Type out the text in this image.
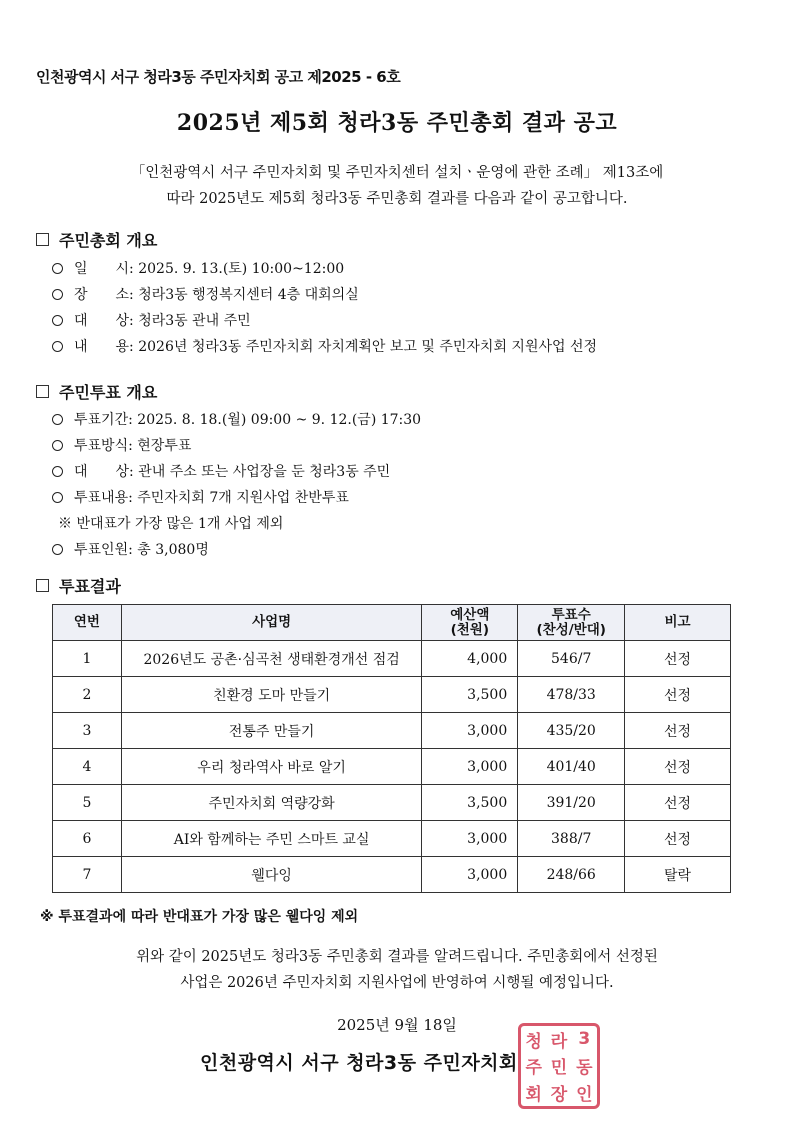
인천광역시 서구 청라3동 주민자치회 공고 제2025 - 6호
2025년 제5회 청라3동 주민총회 결과 공고
「인천광역시 서구 주민자치회 및 주민자치센터 설치ㆍ운영에 관한 조례」 제13조에
따라 2025년도 제5회 청라3동 주민총회 결과를 다음과 같이 공고합니다.
주민총회 개요
일　　시:
2025. 9. 13.(토) 10:00~12:00
장　　소:
청라3동 행정복지센터 4층 대회의실
대　　상:
청라3동 관내 주민
내　　용:
2026년 청라3동 주민자치회 자치계획안 보고 및 주민자치회 지원사업 선정
주민투표 개요
투표기간:
2025. 8. 18.(월) 09:00 ~ 9. 12.(금) 17:30
투표방식:
현장투표
대　　상:
관내 주소 또는 사업장을 둔 청라3동 주민
투표내용:
주민자치회 7개 지원사업 찬반투표
※ 반대표가 가장 많은 1개 사업 제외
투표인원:
총 3,080명
투표결과
연번	사업명	예산액
(천원)	투표수
(찬성/반대)	비고
1	2026년도 공촌·심곡천 생태환경개선 점검	4,000	546/7	선정
2	친환경 도마 만들기	3,500	478/33	선정
3	전통주 만들기	3,000	435/20	선정
4	우리 청라역사 바로 알기	3,000	401/40	선정
5	주민자치회 역량강화	3,500	391/20	선정
6	AI와 함께하는 주민 스마트 교실	3,000	388/7	선정
7	웰다잉	3,000	248/66	탈락
※ 투표결과에 따라 반대표가 가장 많은 웰다잉 제외
위와 같이 2025년도 청라3동 주민총회 결과를 알려드립니다. 주민총회에서 선정된
사업은 2026년 주민자치회 지원사업에 반영하여 시행될 예정입니다.
2025년 9월 18일
청 라 3
주 민 동
회 장 인
인천광역시 서구 청라3동 주민자치회
